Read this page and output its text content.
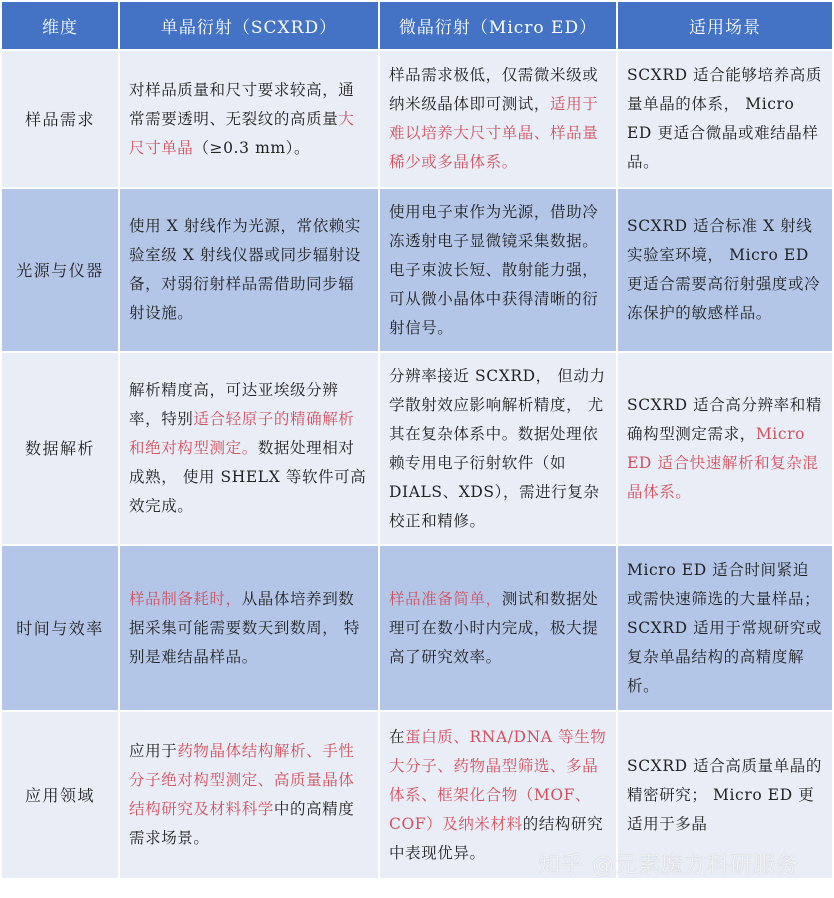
维度	单晶衍射（SCXRD）	微晶衍射（Micro ED）	适用场景
样品需求	对样品质量和尺寸要求较高，通常需要透明、无裂纹的高质量大尺寸单晶（≥0.3 mm）。	样品需求极低，仅需微米级或纳米级晶体即可测试，适用于难以培养大尺寸单晶、样品量稀少或多晶体系。	SCXRD 适合能够培养高质量单晶的体系， Micro ED 更适合微晶或难结晶样品。
光源与仪器	使用 X 射线作为光源，常依赖实验室级 X 射线仪器或同步辐射设备，对弱衍射样品需借助同步辐射设施。	使用电子束作为光源，借助冷冻透射电子显微镜采集数据。电子束波长短、散射能力强，可从微小晶体中获得清晰的衍射信号。	SCXRD 适合标准 X 射线实验室环境， Micro ED 更适合需要高衍射强度或冷冻保护的敏感样品。
数据解析	解析精度高，可达亚埃级分辨率，特别适合轻原子的精确解析和绝对构型测定。数据处理相对成熟， 使用 SHELX 等软件可高效完成。	分辨率接近 SCXRD， 但动力学散射效应影响解析精度， 尤其在复杂体系中。数据处理依赖专用电子衍射软件（如 DIALS、XDS），需进行复杂校正和精修。	SCXRD 适合高分辨率和精确构型测定需求，Micro ED 适合快速解析和复杂混晶体系。
时间与效率	样品制备耗时，从晶体培养到数据采集可能需要数天到数周， 特别是难结晶样品。	样品准备简单，测试和数据处理可在数小时内完成，极大提高了研究效率。	Micro ED 适合时间紧迫或需快速筛选的大量样品； SCXRD 适用于常规研究或复杂单晶结构的高精度解析。
应用领域	应用于药物晶体结构解析、手性分子绝对构型测定、高质量晶体结构研究及材料科学中的高精度需求场景。	在蛋白质、RNA/DNA 等生物大分子、药物晶型筛选、多晶体系、框架化合物（MOF、COF）及纳米材料的结构研究中表现优异。	SCXRD 适合高质量单晶的精密研究； Micro ED 更适用于多晶
知乎 @元素魔方科研服务
